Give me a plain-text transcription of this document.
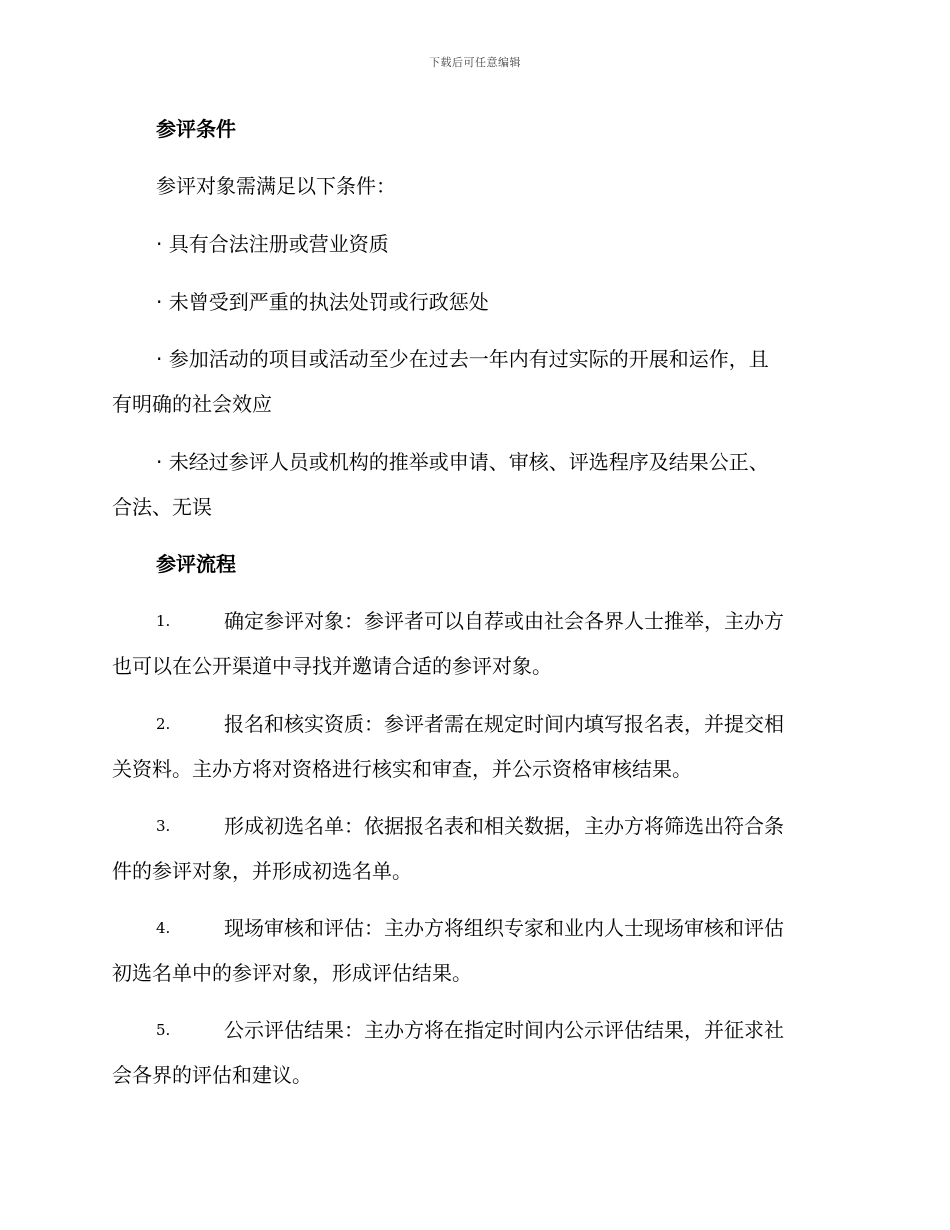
下载后可任意编辑
参评条件
参评对象需满足以下条件：
· 具有合法注册或营业资质
· 未曾受到严重的执法处罚或行政惩处
· 参加活动的项目或活动至少在过去一年内有过实际的开展和运作，且
有明确的社会效应
· 未经过参评人员或机构的推举或申请、审核、评选程序及结果公正、
合法、无误
参评流程
1.	确定参评对象：参评者可以自荐或由社会各界人士推举，主办方
也可以在公开渠道中寻找并邀请合适的参评对象。
2.	报名和核实资质：参评者需在规定时间内填写报名表，并提交相
关资料。主办方将对资格进行核实和审查，并公示资格审核结果。
3.	形成初选名单：依据报名表和相关数据，主办方将筛选出符合条
件的参评对象，并形成初选名单。
4.	现场审核和评估：主办方将组织专家和业内人士现场审核和评估
初选名单中的参评对象，形成评估结果。
5.	公示评估结果：主办方将在指定时间内公示评估结果，并征求社
会各界的评估和建议。
